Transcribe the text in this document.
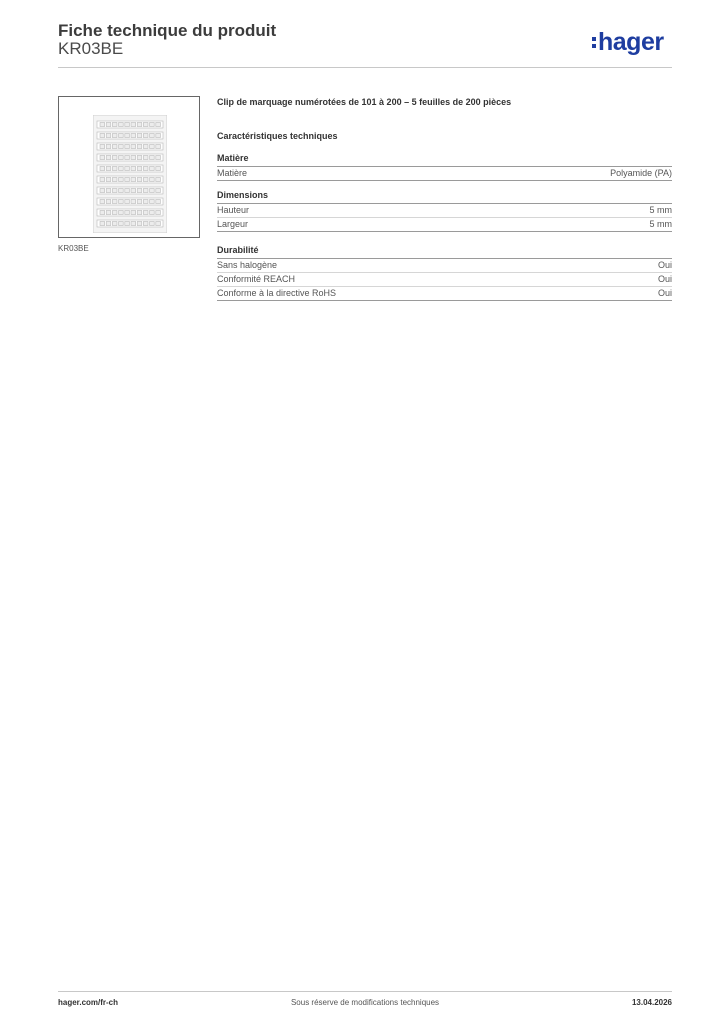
Fiche technique du produit
KR03BE	hager
KR03BE
Clip de marquage numérotées de 101 à 200 – 5 feuilles de 200 pièces
Caractéristiques techniques
Matière
Matière	Polyamide (PA)
Dimensions
Hauteur	5 mm
Largeur	5 mm
Durabilité
Sans halogène	Oui
Conformité REACH	Oui
Conforme à la directive RoHS	Oui
hager.com/fr-ch	Sous réserve de modifications techniques	13.04.2026
